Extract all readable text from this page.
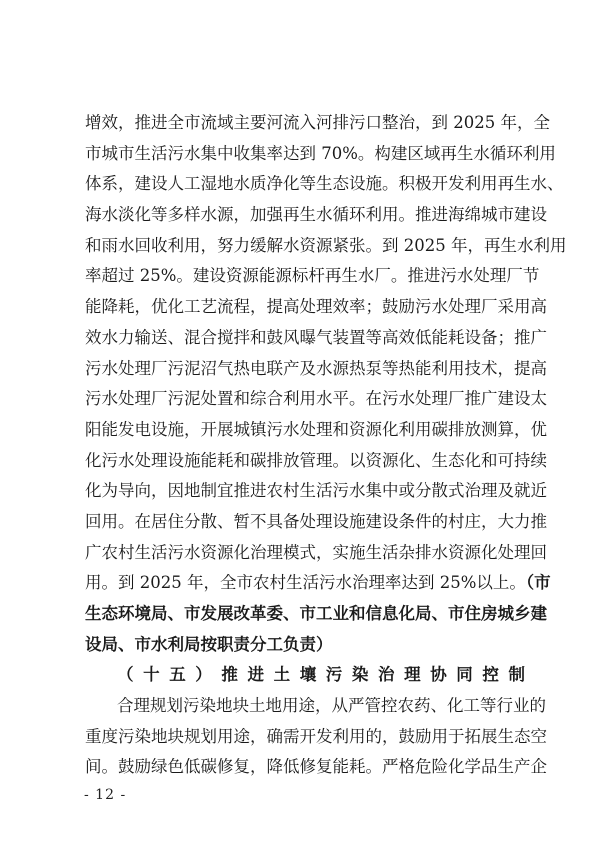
增效，推进全市流域主要河流入河排污口整治，到 2025 年，全
市城市生活污水集中收集率达到 70%。构建区域再生水循环利用
体系，建设人工湿地水质净化等生态设施。积极开发利用再生水、
海水淡化等多样水源，加强再生水循环利用。推进海绵城市建设
和雨水回收利用，努力缓解水资源紧张。到 2025 年，再生水利用
率超过 25%。建设资源能源标杆再生水厂。推进污水处理厂节
能降耗，优化工艺流程，提高处理效率；鼓励污水处理厂采用高
效水力输送、混合搅拌和鼓风曝气装置等高效低能耗设备；推广
污水处理厂污泥沼气热电联产及水源热泵等热能利用技术，提高
污水处理厂污泥处置和综合利用水平。在污水处理厂推广建设太
阳能发电设施，开展城镇污水处理和资源化利用碳排放测算，优
化污水处理设施能耗和碳排放管理。以资源化、生态化和可持续
化为导向，因地制宜推进农村生活污水集中或分散式治理及就近
回用。在居住分散、暂不具备处理设施建设条件的村庄，大力推
广农村生活污水资源化治理模式，实施生活杂排水资源化处理回
用。到 2025 年，全市农村生活污水治理率达到 25%以上。（市
生态环境局、市发展改革委、市工业和信息化局、市住房城乡建
设局、市水利局按职责分工负责）
（十五）推进土壤污染治理协同控制
合理规划污染地块土地用途，从严管控农药、化工等行业的
重度污染地块规划用途，确需开发利用的，鼓励用于拓展生态空
间。鼓励绿色低碳修复，降低修复能耗。严格危险化学品生产企
- 12 -
